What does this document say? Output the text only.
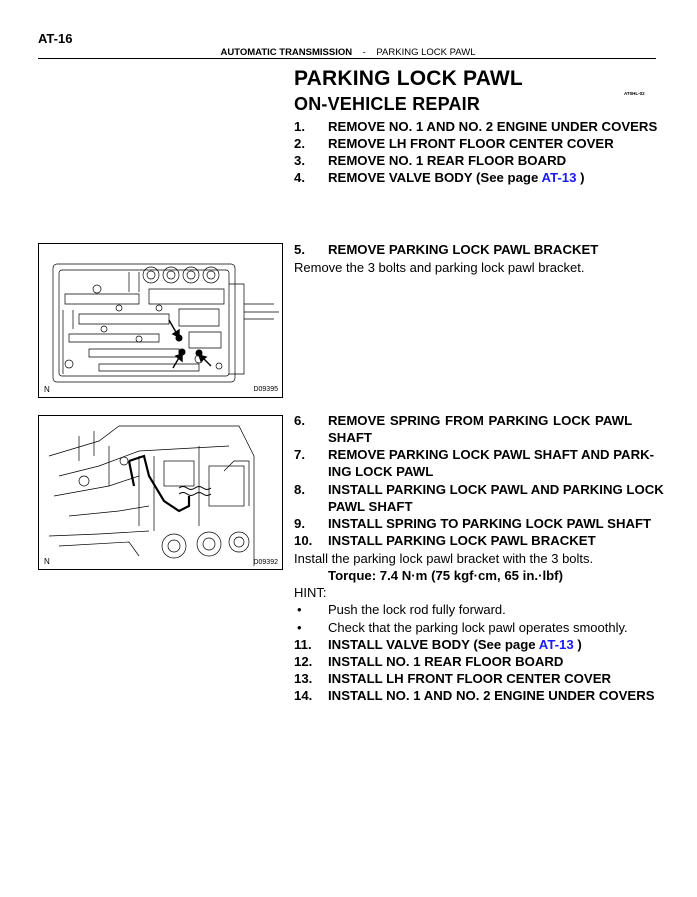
AT-16
AUTOMATIC TRANSMISSION - PARKING LOCK PAWL
PARKING LOCK PAWL
ON-VEHICLE REPAIR
AT0HL-02
1. REMOVE NO. 1 AND NO. 2 ENGINE UNDER COVERS
2. REMOVE LH FRONT FLOOR CENTER COVER
3. REMOVE NO. 1 REAR FLOOR BOARD
4. REMOVE VALVE BODY (See page AT-13 )
N	D09395
5. REMOVE PARKING LOCK PAWL BRACKET
Remove the 3 bolts and parking lock pawl bracket.
N	D09392
6. REMOVE SPRING FROM PARKING LOCK PAWL
SHAFT
7. REMOVE PARKING LOCK PAWL SHAFT AND PARK-
ING LOCK PAWL
8. INSTALL PARKING LOCK PAWL AND PARKING LOCK
PAWL SHAFT
9. INSTALL SPRING TO PARKING LOCK PAWL SHAFT
10. INSTALL PARKING LOCK PAWL BRACKET
Install the parking lock pawl bracket with the 3 bolts.
Torque: 7.4 N·m (75 kgf·cm, 65 in.·lbf)
HINT:
• Push the lock rod fully forward.
• Check that the parking lock pawl operates smoothly.
11. INSTALL VALVE BODY (See page AT-13 )
12. INSTALL NO. 1 REAR FLOOR BOARD
13. INSTALL LH FRONT FLOOR CENTER COVER
14. INSTALL NO. 1 AND NO. 2 ENGINE UNDER COVERS
